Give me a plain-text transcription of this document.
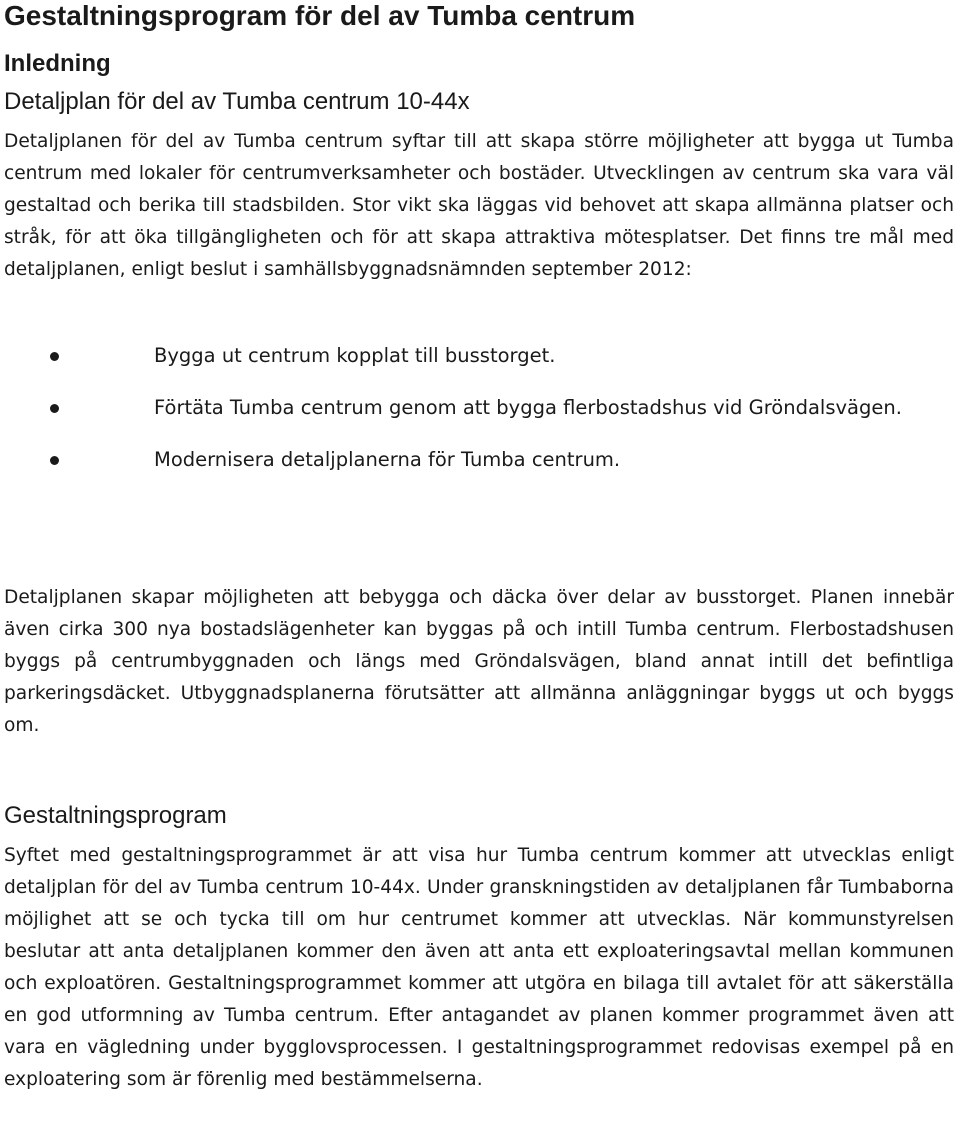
Gestaltningsprogram för del av Tumba centrum
Inledning
Detaljplan för del av Tumba centrum 10-44x

Detaljplanen för del av Tumba centrum syftar till att skapa större möjligheter att bygga ut Tumba centrum med lokaler för centrumverksamheter och bostäder. Utvecklingen av centrum ska vara väl gestaltad och berika till stadsbilden. Stor vikt ska läggas vid behovet att skapa allmänna platser och stråk, för att öka tillgängligheten och för att skapa attraktiva mötesplatser. Det finns tre mål med detaljplanen, enligt beslut i samhällsbyggnadsnämnden september 2012:

Bygga ut centrum kopplat till busstorget.
Förtäta Tumba centrum genom att bygga flerbostadshus vid Gröndalsvägen.
Modernisera detaljplanerna för Tumba centrum.

Detaljplanen skapar möjligheten att bebygga och däcka över delar av busstorget. Planen innebär även cirka 300 nya bostadslägenheter kan byggas på och intill Tumba centrum. Flerbostadshusen byggs på centrumbyggnaden och längs med Gröndalsvägen, bland annat intill det befintliga parkeringsdäcket. Utbyggnadsplanerna förutsätter att allmänna anläggningar byggs ut och byggs om.

Gestaltningsprogram

Syftet med gestaltningsprogrammet är att visa hur Tumba centrum kommer att utvecklas enligt detaljplan för del av Tumba centrum 10-44x. Under granskningstiden av detaljplanen får Tumbaborna möjlighet att se och tycka till om hur centrumet kommer att utvecklas. När kommunstyrelsen beslutar att anta detaljplanen kommer den även att anta ett exploateringsavtal mellan kommunen och exploatören. Gestaltningsprogrammet kommer att utgöra en bilaga till avtalet för att säkerställa en god utformning av Tumba centrum. Efter antagandet av planen kommer programmet även att vara en vägledning under bygglovsprocessen. I gestaltningsprogrammet redovisas exempel på en exploatering som är förenlig med bestämmelserna.
